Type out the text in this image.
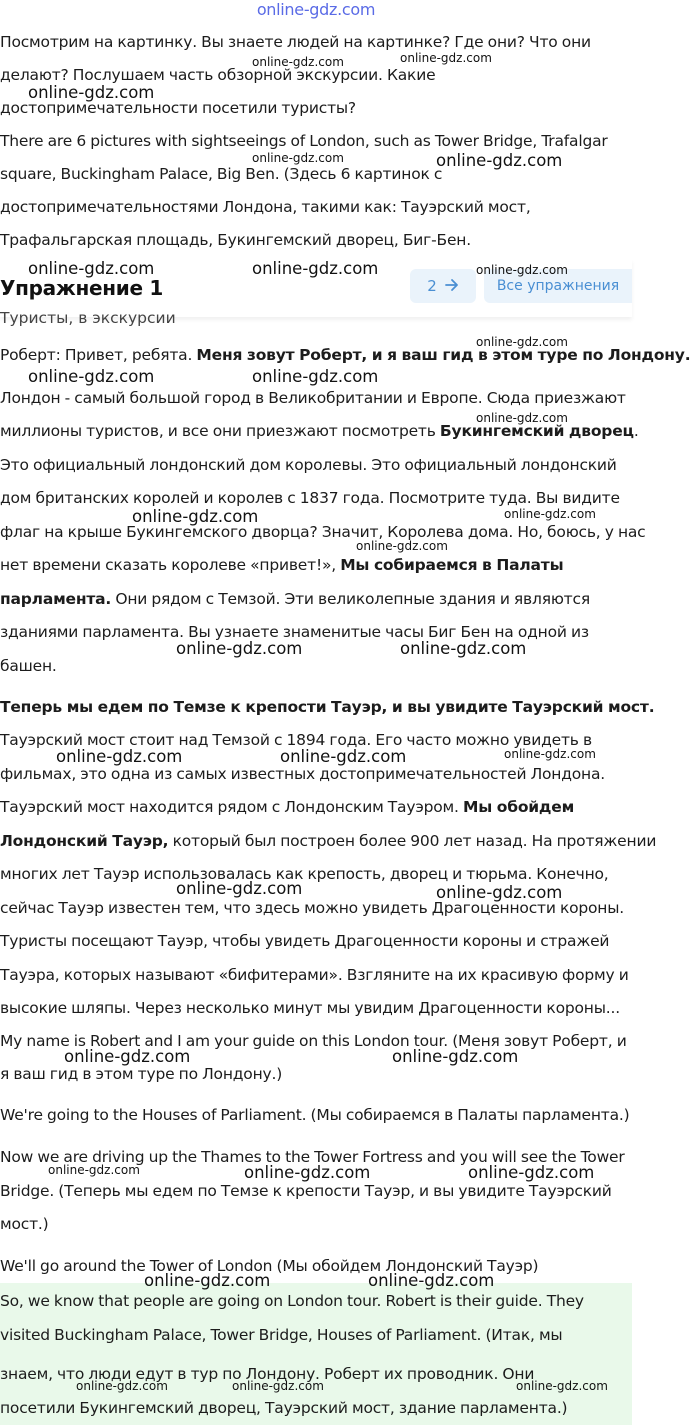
online-gdz.com

Посмотрим на картинку. Вы знаете людей на картинке? Где они? Что они

делают? Послушаем часть обзорной экскурсии. Какие

достопримечательности посетили туристы?

There are 6 pictures with sightseeings of London, such as Tower Bridge, Trafalgar

square, Buckingham Palace, Big Ben. (Здесь 6 картинок с

достопримечательностями Лондона, такими как: Тауэрский мост,

Трафальгарская площадь, Букингемский дворец, Биг-Бен.

Упражнение 1	2	Все упражнения
Туристы, в экскурсии

Роберт: Привет, ребята. Меня зовут Роберт, и я ваш гид в этом туре по Лондону.

Лондон - самый большой город в Великобритании и Европе. Сюда приезжают

миллионы туристов, и все они приезжают посмотреть Букингемский дворец.

Это официальный лондонский дом королевы. Это официальный лондонский

дом британских королей и королев с 1837 года. Посмотрите туда. Вы видите

флаг на крыше Букингемского дворца? Значит, Королева дома. Но, боюсь, у нас

нет времени сказать королеве «привет!», Мы собираемся в Палаты

парламента. Они рядом с Темзой. Эти великолепные здания и являются

зданиями парламента. Вы узнаете знаменитые часы Биг Бен на одной из

башен.

Теперь мы едем по Темзе к крепости Тауэр, и вы увидите Тауэрский мост.

Тауэрский мост стоит над Темзой с 1894 года. Его часто можно увидеть в

фильмах, это одна из самых известных достопримечательностей Лондона.

Тауэрский мост находится рядом с Лондонским Тауэром. Мы обойдем

Лондонский Тауэр, который был построен более 900 лет назад. На протяжении

многих лет Тауэр использовалась как крепость, дворец и тюрьма. Конечно,

сейчас Тауэр известен тем, что здесь можно увидеть Драгоценности короны.

Туристы посещают Тауэр, чтобы увидеть Драгоценности короны и стражей

Тауэра, которых называют «бифитерами». Взгляните на их красивую форму и

высокие шляпы. Через несколько минут мы увидим Драгоценности короны...

My name is Robert and I am your guide on this London tour. (Меня зовут Роберт, и

я ваш гид в этом туре по Лондону.)

We're going to the Houses of Parliament. (Мы собираемся в Палаты парламента.)

Now we are driving up the Thames to the Tower Fortress and you will see the Tower

Bridge. (Теперь мы едем по Темзе к крепости Тауэр, и вы увидите Тауэрский

мост.)

We'll go around the Tower of London (Мы обойдем Лондонский Тауэр)

So, we know that people are going on London tour. Robert is their guide. They

visited Buckingham Palace, Tower Bridge, Houses of Parliament. (Итак, мы

знаем, что люди едут в тур по Лондону. Роберт их проводник. Они

посетили Букингемский дворец, Тауэрский мост, здание парламента.)

online-gdz.com	online-gdz.com
online-gdz.com
online-gdz.com	online-gdz.com
online-gdz.com	online-gdz.com	online-gdz.com
online-gdz.com
online-gdz.com	online-gdz.com
online-gdz.com
online-gdz.com
online-gdz.com
online-gdz.com
online-gdz.com	online-gdz.com
online-gdz.com	online-gdz.com	online-gdz.com
online-gdz.com	online-gdz.com
online-gdz.com	online-gdz.com
online-gdz.com	online-gdz.com	online-gdz.com
online-gdz.com	online-gdz.com
online-gdz.com	online-gdz.com	online-gdz.com
